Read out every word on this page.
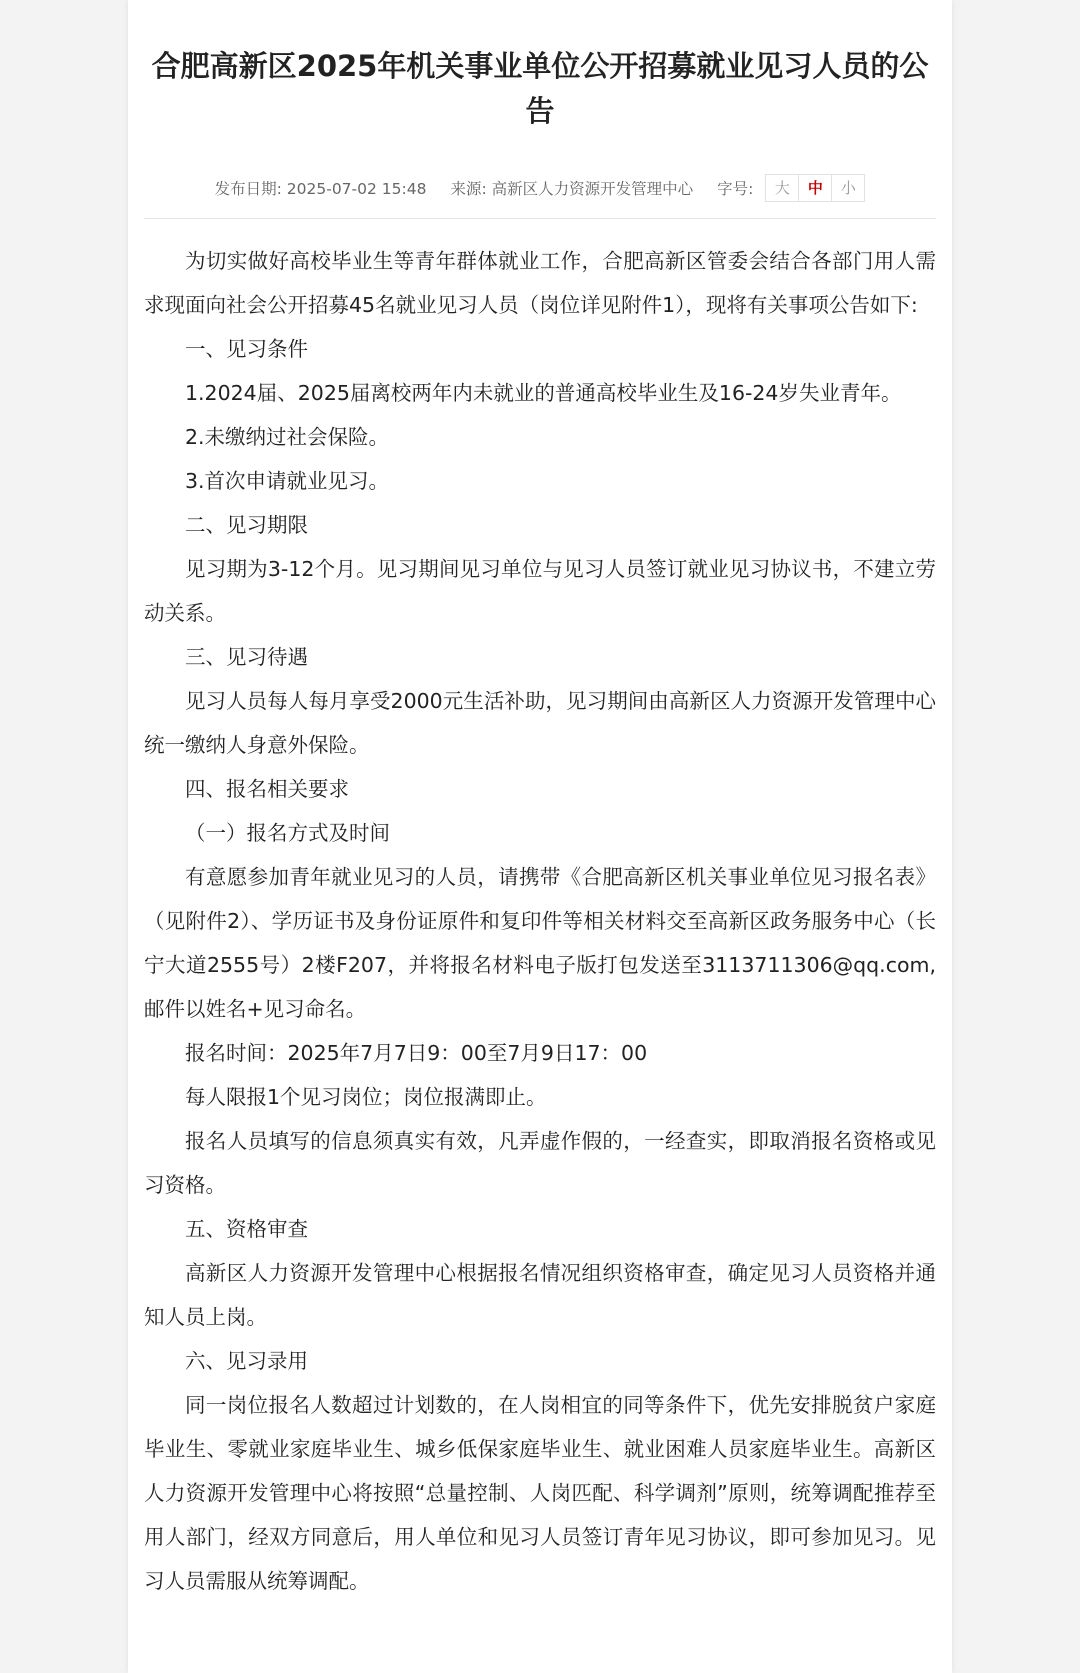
合肥高新区2025年机关事业单位公开招募就业见习人员的公告
发布日期: 2025-07-02 15:48 来源: 高新区人力资源开发管理中心 字号:	大	中	小

为切实做好高校毕业生等青年群体就业工作，合肥高新区管委会结合各部门用人需求现面向社会公开招募45名就业见习人员（岗位详见附件1），现将有关事项公告如下:

一、见习条件

1.2024届、2025届离校两年内未就业的普通高校毕业生及16-24岁失业青年。

2.未缴纳过社会保险。

3.首次申请就业见习。

二、见习期限

见习期为3-12个月。见习期间见习单位与见习人员签订就业见习协议书，不建立劳动关系。

三、见习待遇

见习人员每人每月享受2000元生活补助，见习期间由高新区人力资源开发管理中心统一缴纳人身意外保险。

四、报名相关要求

（一）报名方式及时间

有意愿参加青年就业见习的人员，请携带《合肥高新区机关事业单位见习报名表》（见附件2）、学历证书及身份证原件和复印件等相关材料交至高新区政务服务中心（长宁大道2555号）2楼F207，并将报名材料电子版打包发送至3113711306@qq.com,邮件以姓名+见习命名。

报名时间：2025年7月7日9：00至7月9日17：00

每人限报1个见习岗位；岗位报满即止。

报名人员填写的信息须真实有效，凡弄虚作假的，一经查实，即取消报名资格或见习资格。

五、资格审查

高新区人力资源开发管理中心根据报名情况组织资格审查，确定见习人员资格并通知人员上岗。

六、见习录用

同一岗位报名人数超过计划数的，在人岗相宜的同等条件下，优先安排脱贫户家庭毕业生、零就业家庭毕业生、城乡低保家庭毕业生、就业困难人员家庭毕业生。高新区人力资源开发管理中心将按照“总量控制、人岗匹配、科学调剂”原则，统筹调配推荐至用人部门，经双方同意后，用人单位和见习人员签订青年见习协议，即可参加见习。见习人员需服从统筹调配。
